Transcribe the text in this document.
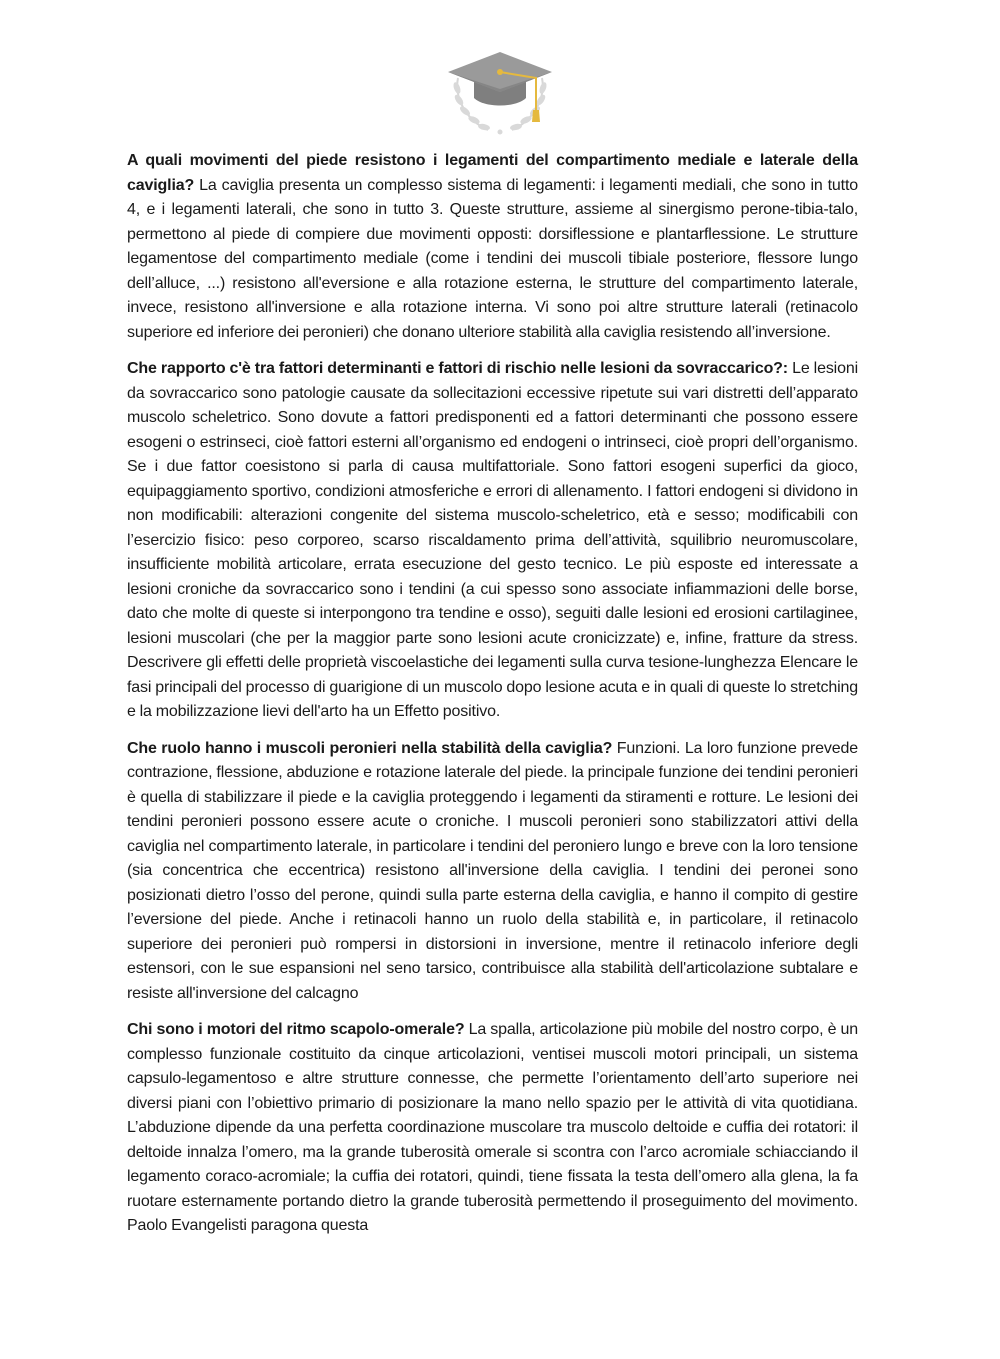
A quali movimenti del piede resistono i legamenti del compartimento mediale e laterale della caviglia? La caviglia presenta un complesso sistema di legamenti: i legamenti mediali, che sono in tutto 4, e i legamenti laterali, che sono in tutto 3. Queste strutture, assieme al sinergismo perone-tibia-talo, permettono al piede di compiere due movimenti opposti: dorsiflessione e plantarflessione. Le strutture legamentose del compartimento mediale (come i tendini dei muscoli tibiale posteriore, flessore lungo dell’alluce, ...) resistono all'eversione e alla rotazione esterna, le strutture del compartimento laterale, invece, resistono all'inversione e alla rotazione interna. Vi sono poi altre strutture laterali (retinacolo superiore ed inferiore dei peronieri) che donano ulteriore stabilità alla caviglia resistendo all’inversione.

Che rapporto c'è tra fattori determinanti e fattori di rischio nelle lesioni da sovraccarico?: Le lesioni da sovraccarico sono patologie causate da sollecitazioni eccessive ripetute sui vari distretti dell’apparato muscolo scheletrico. Sono dovute a fattori predisponenti ed a fattori determinanti che possono essere esogeni o estrinseci, cioè fattori esterni all’organismo ed endogeni o intrinseci, cioè propri dell’organismo. Se i due fattor coesistono si parla di causa multifattoriale. Sono fattori esogeni superfici da gioco, equipaggiamento sportivo, condizioni atmosferiche e errori di allenamento. I fattori endogeni si dividono in non modificabili: alterazioni congenite del sistema muscolo-scheletrico, età e sesso; modificabili con l’esercizio fisico: peso corporeo, scarso riscaldamento prima dell’attività, squilibrio neuromuscolare, insufficiente mobilità articolare, errata esecuzione del gesto tecnico. Le più esposte ed interessate a lesioni croniche da sovraccarico sono i tendini (a cui spesso sono associate infiammazioni delle borse, dato che molte di queste si interpongono tra tendine e osso), seguiti dalle lesioni ed erosioni cartilaginee, lesioni muscolari (che per la maggior parte sono lesioni acute cronicizzate) e, infine, fratture da stress. Descrivere gli effetti delle proprietà viscoelastiche dei legamenti sulla curva tesione-lunghezza Elencare le fasi principali del processo di guarigione di un muscolo dopo lesione acuta e in quali di queste lo stretching e la mobilizzazione lievi dell'arto ha un Effetto positivo.

Che ruolo hanno i muscoli peronieri nella stabilità della caviglia? Funzioni. La loro funzione prevede contrazione, flessione, abduzione e rotazione laterale del piede. la principale funzione dei tendini peronieri è quella di stabilizzare il piede e la caviglia proteggendo i legamenti da stiramenti e rotture. Le lesioni dei tendini peronieri possono essere acute o croniche. I muscoli peronieri sono stabilizzatori attivi della caviglia nel compartimento laterale, in particolare i tendini del peroniero lungo e breve con la loro tensione (sia concentrica che eccentrica) resistono all'inversione della caviglia. I tendini dei peronei sono posizionati dietro l’osso del perone, quindi sulla parte esterna della caviglia, e hanno il compito di gestire l’eversione del piede. Anche i retinacoli hanno un ruolo della stabilità e, in particolare, il retinacolo superiore dei peronieri può rompersi in distorsioni in inversione, mentre il retinacolo inferiore degli estensori, con le sue espansioni nel seno tarsico, contribuisce alla stabilità dell'articolazione subtalare e resiste all'inversione del calcagno

Chi sono i motori del ritmo scapolo-omerale? La spalla, articolazione più mobile del nostro corpo, è un complesso funzionale costituito da cinque articolazioni, ventisei muscoli motori principali, un sistema capsulo-legamentoso e altre strutture connesse, che permette l’orientamento dell’arto superiore nei diversi piani con l’obiettivo primario di posizionare la mano nello spazio per le attività di vita quotidiana. L’abduzione dipende da una perfetta coordinazione muscolare tra muscolo deltoide e cuffia dei rotatori: il deltoide innalza l’omero, ma la grande tuberosità omerale si scontra con l’arco acromiale schiacciando il legamento coraco-acromiale; la cuffia dei rotatori, quindi, tiene fissata la testa dell’omero alla glena, la fa ruotare esternamente portando dietro la grande tuberosità permettendo il proseguimento del movimento. Paolo Evangelisti paragona questa
